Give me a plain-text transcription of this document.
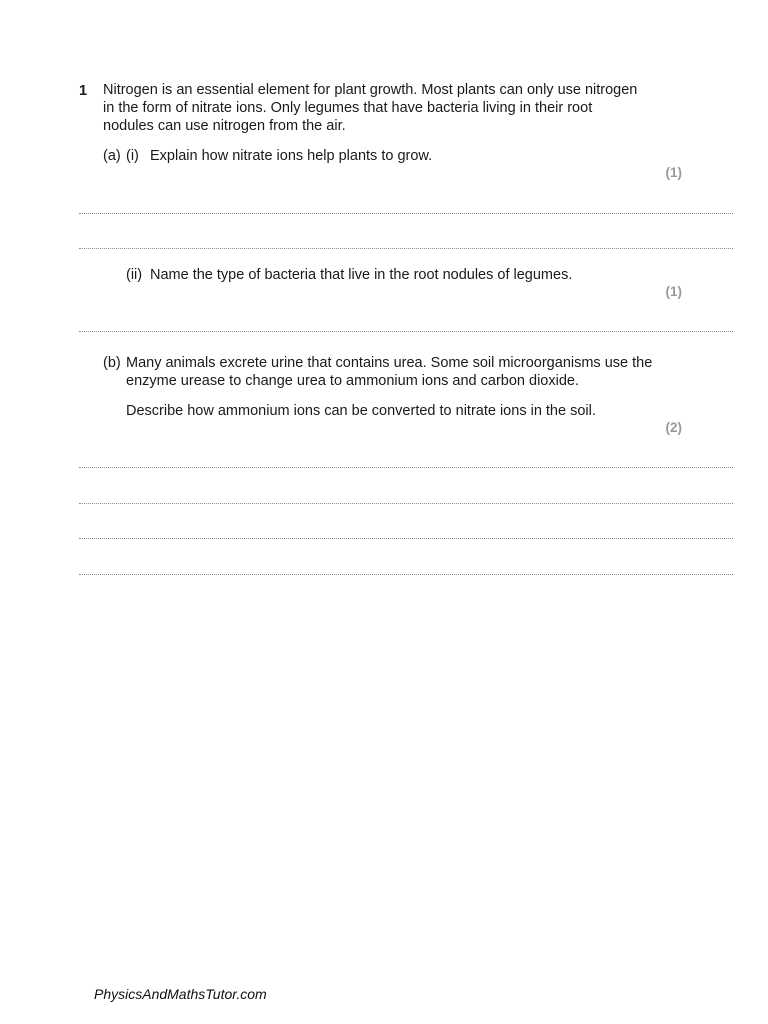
1 Nitrogen is an essential element for plant growth. Most plants can only use nitrogen
in the form of nitrate ions. Only legumes that have bacteria living in their root
nodules can use nitrogen from the air.
(a) (i) Explain how nitrate ions help plants to grow.
(1)
(ii) Name the type of bacteria that live in the root nodules of legumes.
(1)
(b) Many animals excrete urine that contains urea. Some soil microorganisms use the
enzyme urease to change urea to ammonium ions and carbon dioxide.
Describe how ammonium ions can be converted to nitrate ions in the soil.
(2)
PhysicsAndMathsTutor.com
